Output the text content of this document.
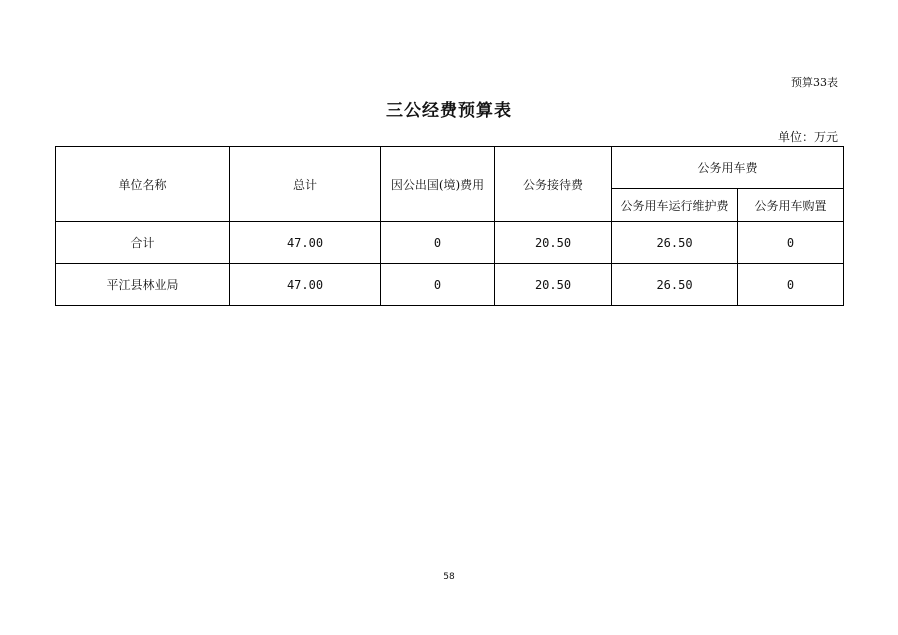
预算33表
三公经费预算表
单位：万元
单位名称	总计	因公出国(境)费用	公务接待费	公务用车费	
				公务用车运行维护费	公务用车购置
合计	47.00	0	20.50	26.50	0
平江县林业局	47.00	0	20.50	26.50	0
58
